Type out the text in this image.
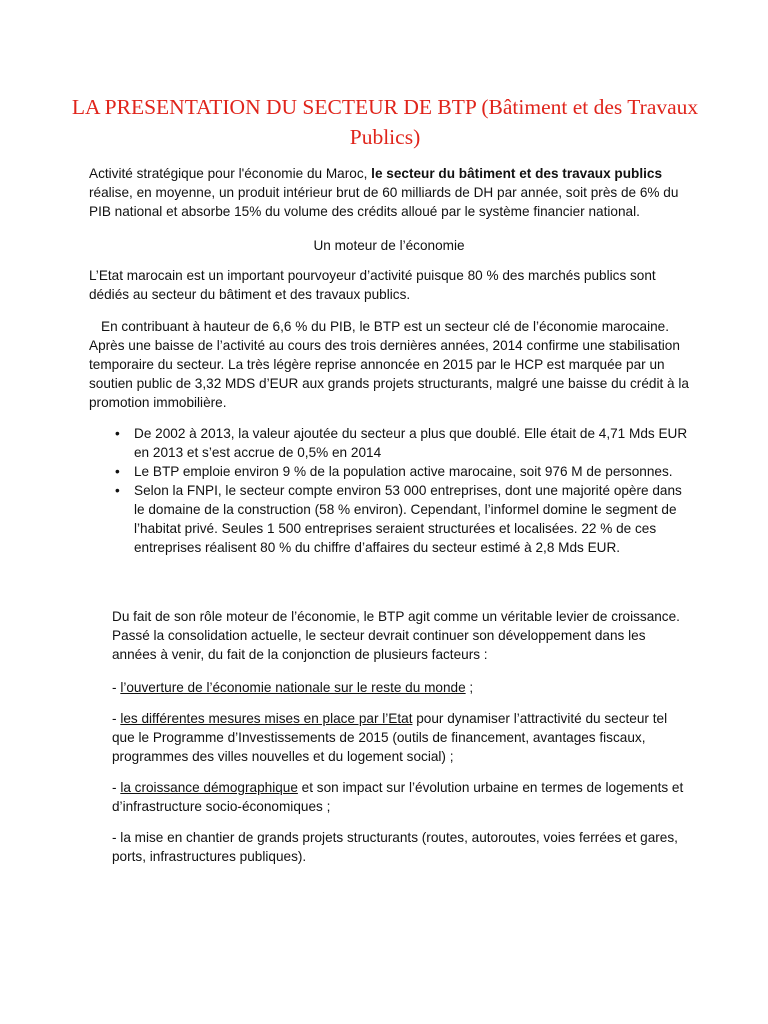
LA PRESENTATION DU SECTEUR DE BTP (Bâtiment et des Travaux Publics)

Activité stratégique pour l'économie du Maroc, le secteur du bâtiment et des travaux publics réalise, en moyenne, un produit intérieur brut de 60 milliards de DH par année, soit près de 6% du PIB national et absorbe 15% du volume des crédits alloué par le système financier national.

Un moteur de l’économie

L’Etat marocain est un important pourvoyeur d’activité puisque 80 % des marchés publics sont dédiés au secteur du bâtiment et des travaux publics.

En contribuant à hauteur de 6,6 % du PIB, le BTP est un secteur clé de l’économie marocaine. Après une baisse de l’activité au cours des trois dernières années, 2014 confirme une stabilisation temporaire du secteur. La très légère reprise annoncée en 2015 par le HCP est marquée par un soutien public de 3,32 MDS d’EUR aux grands projets structurants, malgré une baisse du crédit à la promotion immobilière.

• De 2002 à 2013, la valeur ajoutée du secteur a plus que doublé. Elle était de 4,71 Mds EUR en 2013 et s’est accrue de 0,5% en 2014
• Le BTP emploie environ 9 % de la population active marocaine, soit 976 M de personnes.
• Selon la FNPI, le secteur compte environ 53 000 entreprises, dont une majorité opère dans le domaine de la construction (58 % environ). Cependant, l’informel domine le segment de l’habitat privé. Seules 1 500 entreprises seraient structurées et localisées. 22 % de ces entreprises réalisent 80 % du chiffre d’affaires du secteur estimé à 2,8 Mds EUR.

Du fait de son rôle moteur de l’économie, le BTP agit comme un véritable levier de croissance. Passé la consolidation actuelle, le secteur devrait continuer son développement dans les années à venir, du fait de la conjonction de plusieurs facteurs :

- l’ouverture de l’économie nationale sur le reste du monde ;

- les différentes mesures mises en place par l’Etat pour dynamiser l’attractivité du secteur tel que le Programme d’Investissements de 2015 (outils de financement, avantages fiscaux, programmes des villes nouvelles et du logement social) ;

- la croissance démographique et son impact sur l’évolution urbaine en termes de logements et d’infrastructure socio-économiques ;

- la mise en chantier de grands projets structurants (routes, autoroutes, voies ferrées et gares, ports, infrastructures publiques).
